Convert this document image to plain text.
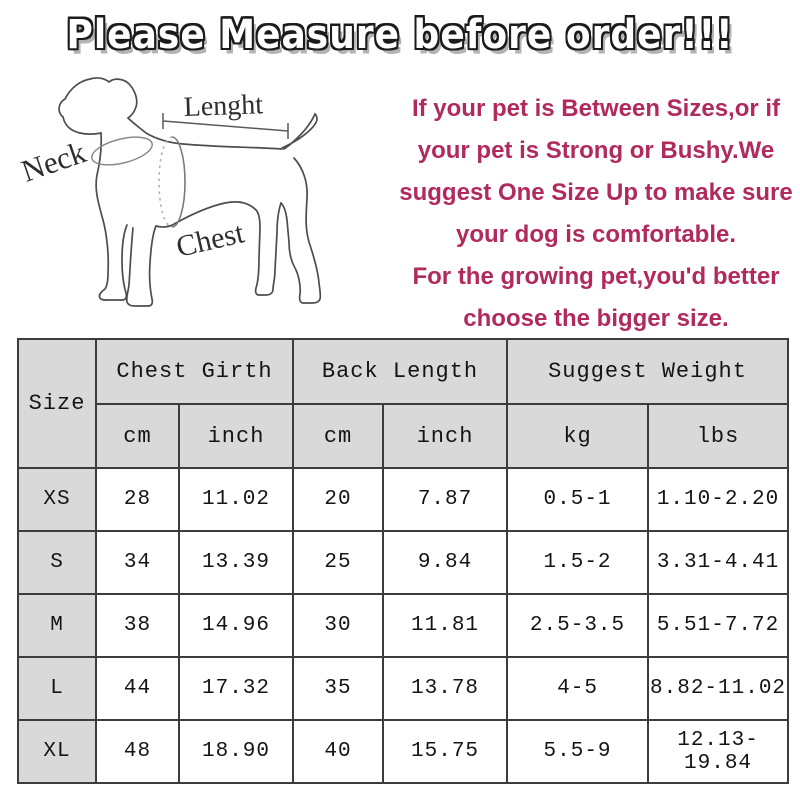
Please Measure before order!!!
Neck
Lenght
Chest
If your pet is Between Sizes,or if
your pet is Strong or Bushy.We
suggest One Size Up to make sure
your dog is comfortable.
For the growing pet,you'd better
choose the bigger size.
Size	Chest Girth		Back Length		Suggest Weight	
	cm	inch	cm	inch	kg	lbs
XS	28	11.02	20	7.87	0.5-1	1.10-2.20
S	34	13.39	25	9.84	1.5-2	3.31-4.41
M	38	14.96	30	11.81	2.5-3.5	5.51-7.72
L	44	17.32	35	13.78	4-5	8.82-11.02
XL	48	18.90	40	15.75	5.5-9	12.13-19.84
